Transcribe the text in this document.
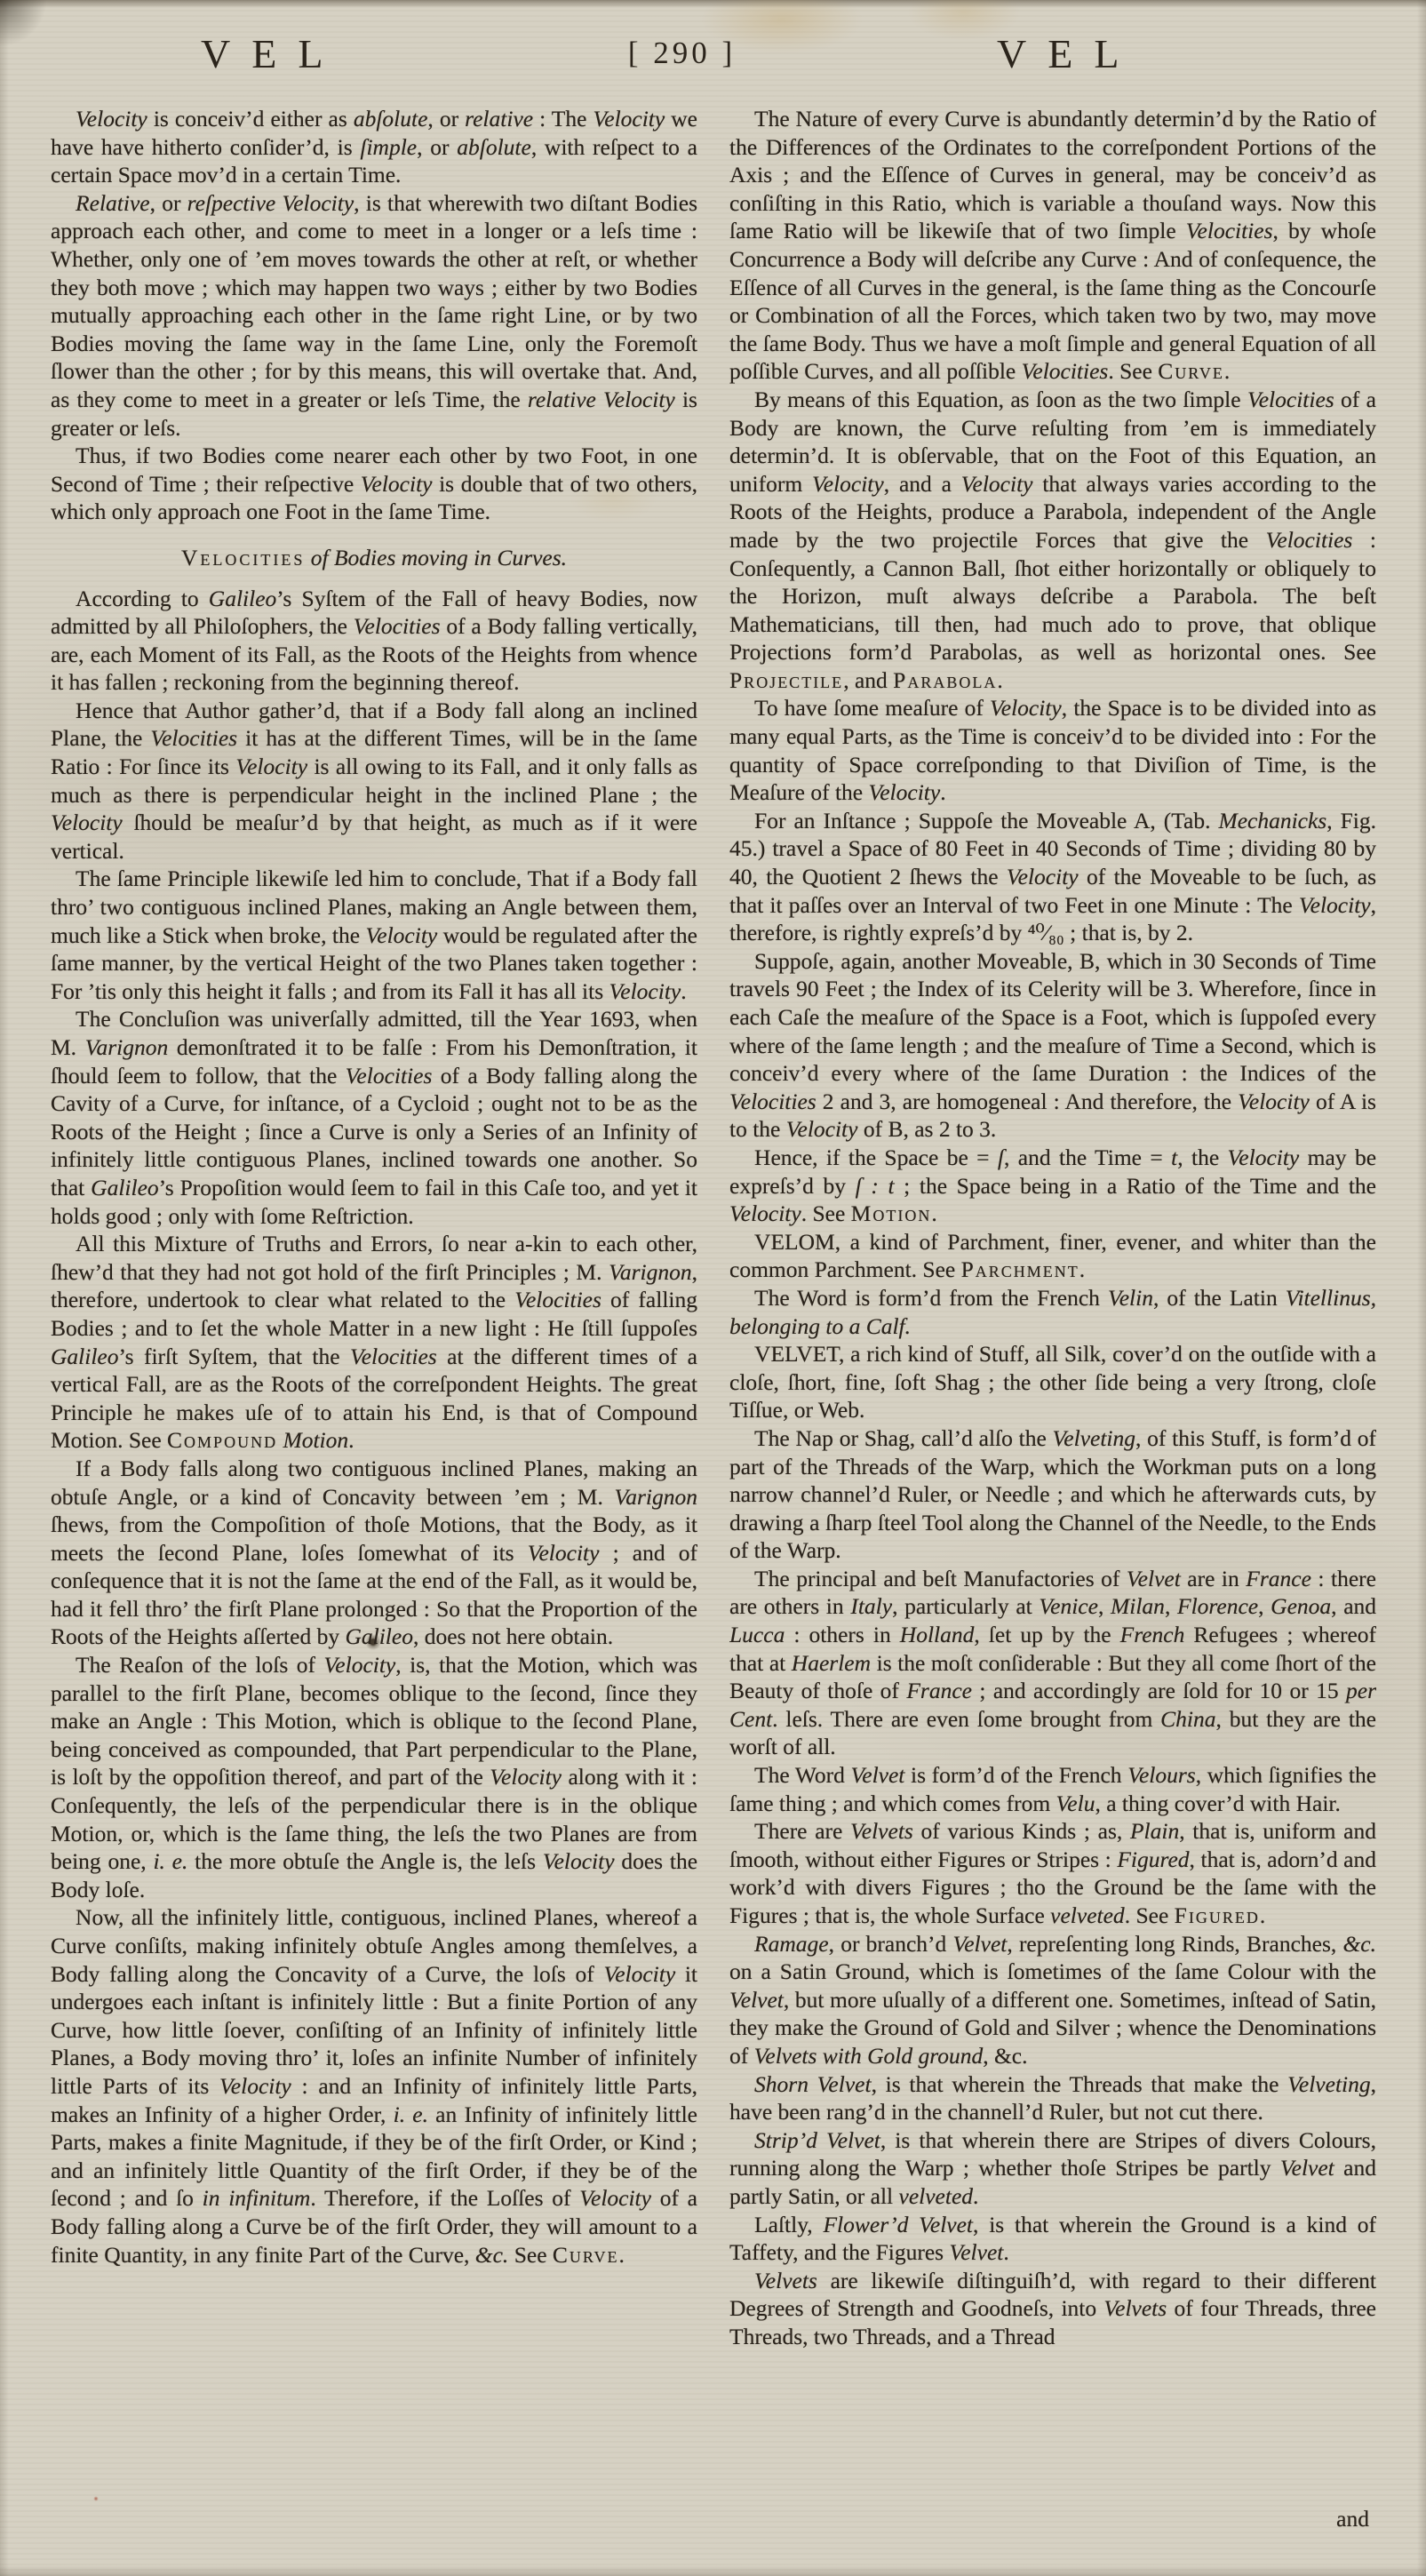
VEL	[ 290 ]	VEL

Velocity is conceiv’d either as abſolute, or relative : The Velocity we have have hitherto conſider’d, is ſimple, or abſolute, with reſpect to a certain Space mov’d in a certain Time.

Relative, or reſpective Velocity, is that wherewith two diſtant Bodies approach each other, and come to meet in a longer or a leſs time : Whether, only one of ’em moves towards the other at reſt, or whether they both move ; which may happen two ways ; either by two Bodies mutually approaching each other in the ſame right Line, or by two Bodies moving the ſame way in the ſame Line, only the Foremoſt ſlower than the other ; for by this means, this will overtake that. And, as they come to meet in a greater or leſs Time, the relative Velocity is greater or leſs.

Thus, if two Bodies come nearer each other by two Foot, in one Second of Time ; their reſpective Velocity is double that of two others, which only approach one Foot in the ſame Time.

Velocities of Bodies moving in Curves.

According to Galileo’s Syſtem of the Fall of heavy Bodies, now admitted by all Philoſophers, the Velocities of a Body falling vertically, are, each Moment of its Fall, as the Roots of the Heights from whence it has fallen ; reckoning from the beginning thereof.

Hence that Author gather’d, that if a Body fall along an inclined Plane, the Velocities it has at the different Times, will be in the ſame Ratio : For ſince its Velocity is all owing to its Fall, and it only falls as much as there is perpendicular height in the inclined Plane ; the Velocity ſhould be meaſur’d by that height, as much as if it were vertical.

The ſame Principle likewiſe led him to conclude, That if a Body fall thro’ two contiguous inclined Planes, making an Angle between them, much like a Stick when broke, the Velocity would be regulated after the ſame manner, by the vertical Height of the two Planes taken together : For ’tis only this height it falls ; and from its Fall it has all its Velocity.

The Concluſion was univerſally admitted, till the Year 1693, when M. Varignon demonſtrated it to be falſe : From his Demonſtration, it ſhould ſeem to follow, that the Velocities of a Body falling along the Cavity of a Curve, for inſtance, of a Cycloid ; ought not to be as the Roots of the Height ; ſince a Curve is only a Series of an Infinity of infinitely little contiguous Planes, inclined towards one another. So that Galileo’s Propoſition would ſeem to fail in this Caſe too, and yet it holds good ; only with ſome Reſtriction.

All this Mixture of Truths and Errors, ſo near a-kin to each other, ſhew’d that they had not got hold of the firſt Principles ; M. Varignon, therefore, undertook to clear what related to the Velocities of falling Bodies ; and to ſet the whole Matter in a new light : He ſtill ſuppoſes Galileo’s firſt Syſtem, that the Velocities at the different times of a vertical Fall, are as the Roots of the correſpondent Heights. The great Principle he makes uſe of to attain his End, is that of Compound Motion. See Compound Motion.

If a Body falls along two contiguous inclined Planes, making an obtuſe Angle, or a kind of Concavity between ’em ; M. Varignon ſhews, from the Compoſition of thoſe Motions, that the Body, as it meets the ſecond Plane, loſes ſomewhat of its Velocity ; and of conſequence that it is not the ſame at the end of the Fall, as it would be, had it fell thro’ the firſt Plane prolonged : So that the Proportion of the Roots of the Heights aſſerted by Galileo, does not here obtain.

The Reaſon of the loſs of Velocity, is, that the Motion, which was parallel to the firſt Plane, becomes oblique to the ſecond, ſince they make an Angle : This Motion, which is oblique to the ſecond Plane, being conceived as compounded, that Part perpendicular to the Plane, is loſt by the oppoſition thereof, and part of the Velocity along with it : Conſequently, the leſs of the perpendicular there is in the oblique Motion, or, which is the ſame thing, the leſs the two Planes are from being one, i. e. the more obtuſe the Angle is, the leſs Velocity does the Body loſe.

Now, all the infinitely little, contiguous, inclined Planes, whereof a Curve conſiſts, making infinitely obtuſe Angles among themſelves, a Body falling along the Concavity of a Curve, the loſs of Velocity it undergoes each inſtant is infinitely little : But a finite Portion of any Curve, how little ſoever, conſiſting of an Infinity of infinitely little Planes, a Body moving thro’ it, loſes an infinite Number of infinitely little Parts of its Velocity : and an Infinity of infinitely little Parts, makes an Infinity of a higher Order, i. e. an Infinity of infinitely little Parts, makes a finite Magnitude, if they be of the firſt Order, or Kind ; and an infinitely little Quantity of the firſt Order, if they be of the ſecond ; and ſo in infinitum. Therefore, if the Loſſes of Velocity of a Body falling along a Curve be of the firſt Order, they will amount to a finite Quantity, in any finite Part of the Curve, &c. See Curve.

The Nature of every Curve is abundantly determin’d by the Ratio of the Differences of the Ordinates to the correſpondent Portions of the Axis ; and the Eſſence of Curves in general, may be conceiv’d as conſiſting in this Ratio, which is variable a thouſand ways. Now this ſame Ratio will be likewiſe that of two ſimple Velocities, by whoſe Concurrence a Body will deſcribe any Curve : And of conſequence, the Eſſence of all Curves in the general, is the ſame thing as the Concourſe or Combination of all the Forces, which taken two by two, may move the ſame Body. Thus we have a moſt ſimple and general Equation of all poſſible Curves, and all poſſible Velocities. See Curve.

By means of this Equation, as ſoon as the two ſimple Velocities of a Body are known, the Curve reſulting from ’em is immediately determin’d. It is obſervable, that on the Foot of this Equation, an uniform Velocity, and a Velocity that always varies according to the Roots of the Heights, produce a Parabola, independent of the Angle made by the two projectile Forces that give the Velocities : Conſequently, a Cannon Ball, ſhot either horizontally or obliquely to the Horizon, muſt always deſcribe a Parabola. The beſt Mathematicians, till then, had much ado to prove, that oblique Projections form’d Parabolas, as well as horizontal ones. See Projectile, and Parabola.

To have ſome meaſure of Velocity, the Space is to be divided into as many equal Parts, as the Time is conceiv’d to be divided into : For the quantity of Space correſponding to that Diviſion of Time, is the Meaſure of the Velocity.

For an Inſtance ; Suppoſe the Moveable A, (Tab. Mechanicks, Fig. 45.) travel a Space of 80 Feet in 40 Seconds of Time ; dividing 80 by 40, the Quotient 2 ſhews the Velocity of the Moveable to be ſuch, as that it paſſes over an Interval of two Feet in one Minute : The Velocity, therefore, is rightly expreſs’d by ⁴⁰⁄₈₀ ; that is, by 2.

Suppoſe, again, another Moveable, B, which in 30 Seconds of Time travels 90 Feet ; the Index of its Celerity will be 3. Wherefore, ſince in each Caſe the meaſure of the Space is a Foot, which is ſuppoſed every where of the ſame length ; and the meaſure of Time a Second, which is conceiv’d every where of the ſame Duration : the Indices of the Velocities 2 and 3, are homogeneal : And therefore, the Velocity of A is to the Velocity of B, as 2 to 3.

Hence, if the Space be = ſ, and the Time = t, the Velocity may be expreſs’d by ſ : t ; the Space being in a Ratio of the Time and the Velocity. See Motion.

VELOM, a kind of Parchment, finer, evener, and whiter than the common Parchment. See Parchment.

The Word is form’d from the French Velin, of the Latin Vitellinus, belonging to a Calf.

VELVET, a rich kind of Stuff, all Silk, cover’d on the outſide with a cloſe, ſhort, fine, ſoft Shag ; the other ſide being a very ſtrong, cloſe Tiſſue, or Web.

The Nap or Shag, call’d alſo the Velveting, of this Stuff, is form’d of part of the Threads of the Warp, which the Workman puts on a long narrow channel’d Ruler, or Needle ; and which he afterwards cuts, by drawing a ſharp ſteel Tool along the Channel of the Needle, to the Ends of the Warp.

The principal and beſt Manufactories of Velvet are in France : there are others in Italy, particularly at Venice, Milan, Florence, Genoa, and Lucca : others in Holland, ſet up by the French Refugees ; whereof that at Haerlem is the moſt conſiderable : But they all come ſhort of the Beauty of thoſe of France ; and accordingly are ſold for 10 or 15 per Cent. leſs. There are even ſome brought from China, but they are the worſt of all.

The Word Velvet is form’d of the French Velours, which ſignifies the ſame thing ; and which comes from Velu, a thing cover’d with Hair.

There are Velvets of various Kinds ; as, Plain, that is, uniform and ſmooth, without either Figures or Stripes : Figured, that is, adorn’d and work’d with divers Figures ; tho the Ground be the ſame with the Figures ; that is, the whole Surface velveted. See Figured.

Ramage, or branch’d Velvet, repreſenting long Rinds, Branches, &c. on a Satin Ground, which is ſometimes of the ſame Colour with the Velvet, but more uſually of a different one. Sometimes, inſtead of Satin, they make the Ground of Gold and Silver ; whence the Denominations of Velvets with Gold ground, &c.

Shorn Velvet, is that wherein the Threads that make the Velveting, have been rang’d in the channell’d Ruler, but not cut there.

Strip’d Velvet, is that wherein there are Stripes of divers Colours, running along the Warp ; whether thoſe Stripes be partly Velvet and partly Satin, or all velveted.

Laſtly, Flower’d Velvet, is that wherein the Ground is a kind of Taffety, and the Figures Velvet.

Velvets are likewiſe diſtinguiſh’d, with regard to their different Degrees of Strength and Goodneſs, into Velvets of four Threads, three Threads, two Threads, and a Thread

and
